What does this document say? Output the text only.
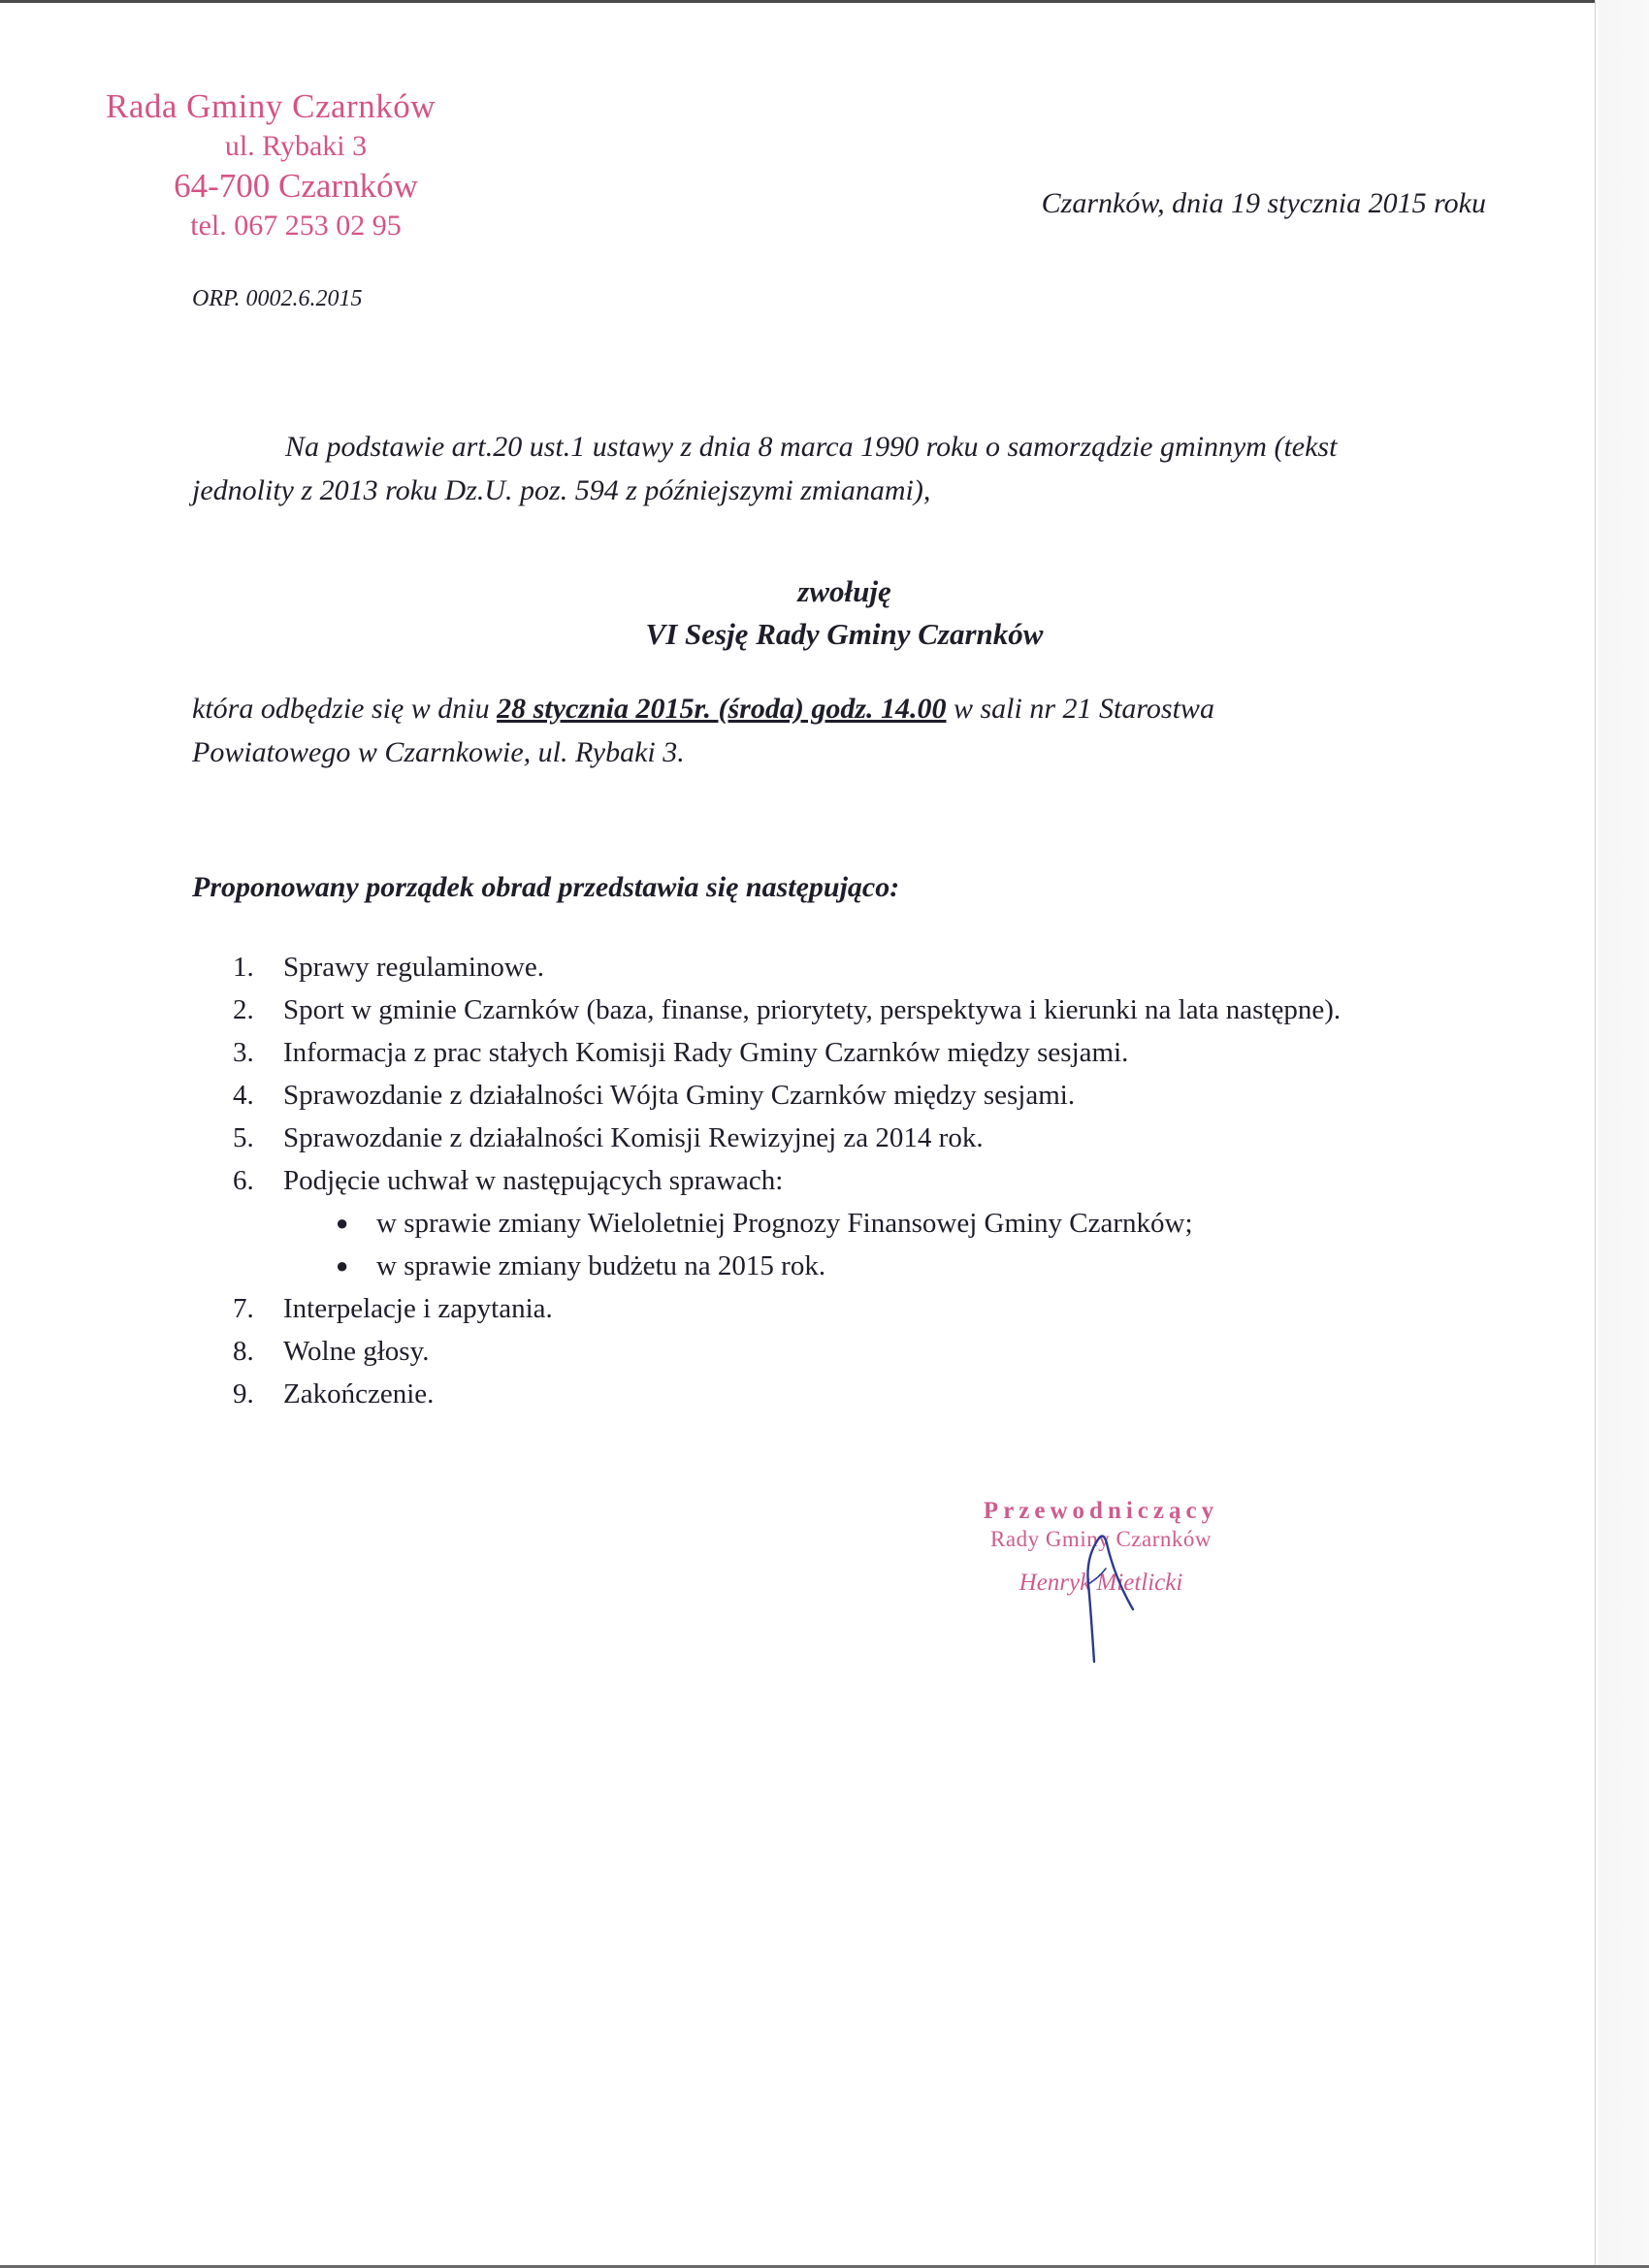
Rada Gminy Czarnków
ul. Rybaki 3
64-700 Czarnków
tel. 067 253 02 95
Czarnków, dnia 19 stycznia 2015 roku
ORP. 0002.6.2015
Na podstawie art.20 ust.1 ustawy z dnia 8 marca 1990 roku o samorządzie gminnym (tekst
jednolity z 2013 roku Dz.U. poz. 594 z późniejszymi zmianami),
zwołuję
VI Sesję Rady Gminy Czarnków
która odbędzie się w dniu 28 stycznia 2015r. (środa) godz. 14.00 w sali nr 21 Starostwa
Powiatowego w Czarnkowie, ul. Rybaki 3.
Proponowany porządek obrad przedstawia się następująco:
1.	Sprawy regulaminowe.
2.	Sport w gminie Czarnków (baza, finanse, priorytety, perspektywa i kierunki na lata następne).
3.	Informacja z prac stałych Komisji Rady Gminy Czarnków między sesjami.
4.	Sprawozdanie z działalności Wójta Gminy Czarnków między sesjami.
5.	Sprawozdanie z działalności Komisji Rewizyjnej za 2014 rok.
6.	Podjęcie uchwał w następujących sprawach:
● w sprawie zmiany Wieloletniej Prognozy Finansowej Gminy Czarnków;
● w sprawie zmiany budżetu na 2015 rok.
7.	Interpelacje i zapytania.
8.	Wolne głosy.
9.	Zakończenie.
Przewodniczący
Rady Gminy Czarnków
Henryk Mietlicki
